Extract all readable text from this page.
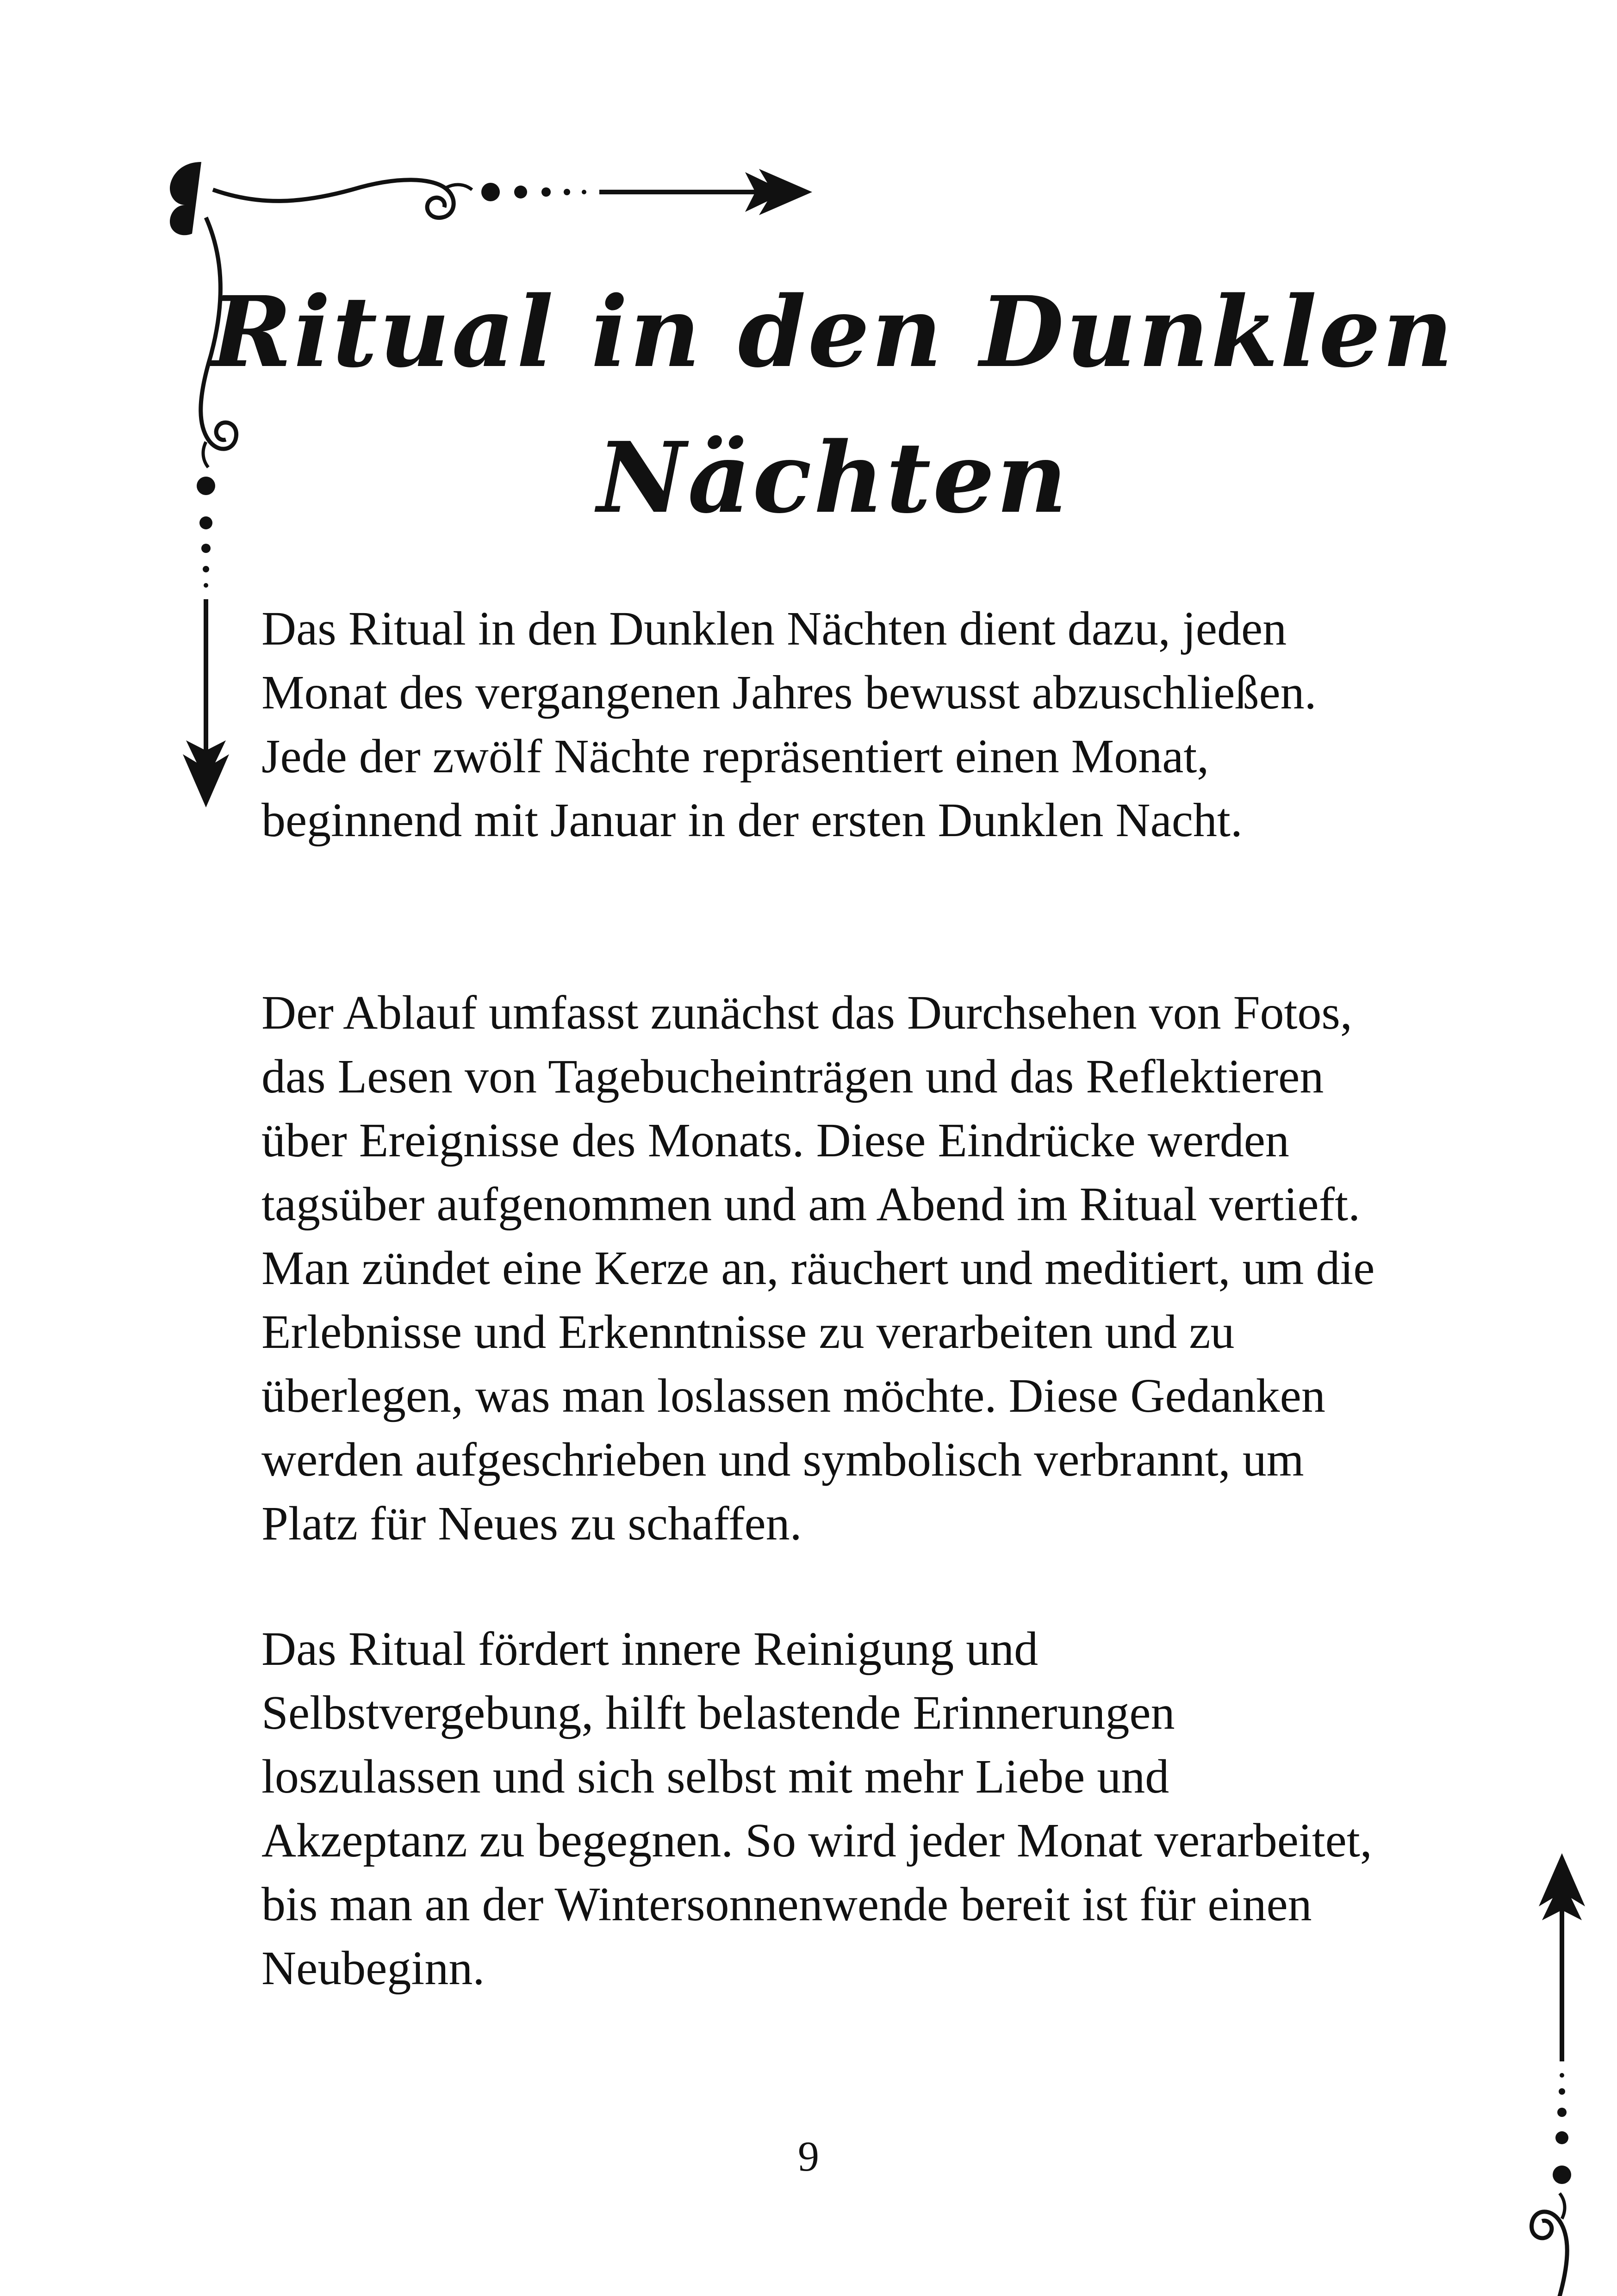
Ritual in den Dunklen
Nächten

Das Ritual in den Dunklen Nächten dient dazu, jeden Monat des vergangenen Jahres bewusst abzuschließen. Jede der zwölf Nächte repräsentiert einen Monat, beginnend mit Januar in der ersten Dunklen Nacht.

Der Ablauf umfasst zunächst das Durchsehen von Fotos, das Lesen von Tagebucheinträgen und das Reflektieren über Ereignisse des Monats. Diese Eindrücke werden tagsüber aufgenommen und am Abend im Ritual vertieft. Man zündet eine Kerze an, räuchert und meditiert, um die Erlebnisse und Erkenntnisse zu verarbeiten und zu überlegen, was man loslassen möchte. Diese Gedanken werden aufgeschrieben und symbolisch verbrannt, um Platz für Neues zu schaffen.

Das Ritual fördert innere Reinigung und Selbstvergebung, hilft belastende Erinnerungen loszulassen und sich selbst mit mehr Liebe und Akzeptanz zu begegnen. So wird jeder Monat verarbeitet, bis man an der Wintersonnenwende bereit ist für einen Neubeginn.

9
